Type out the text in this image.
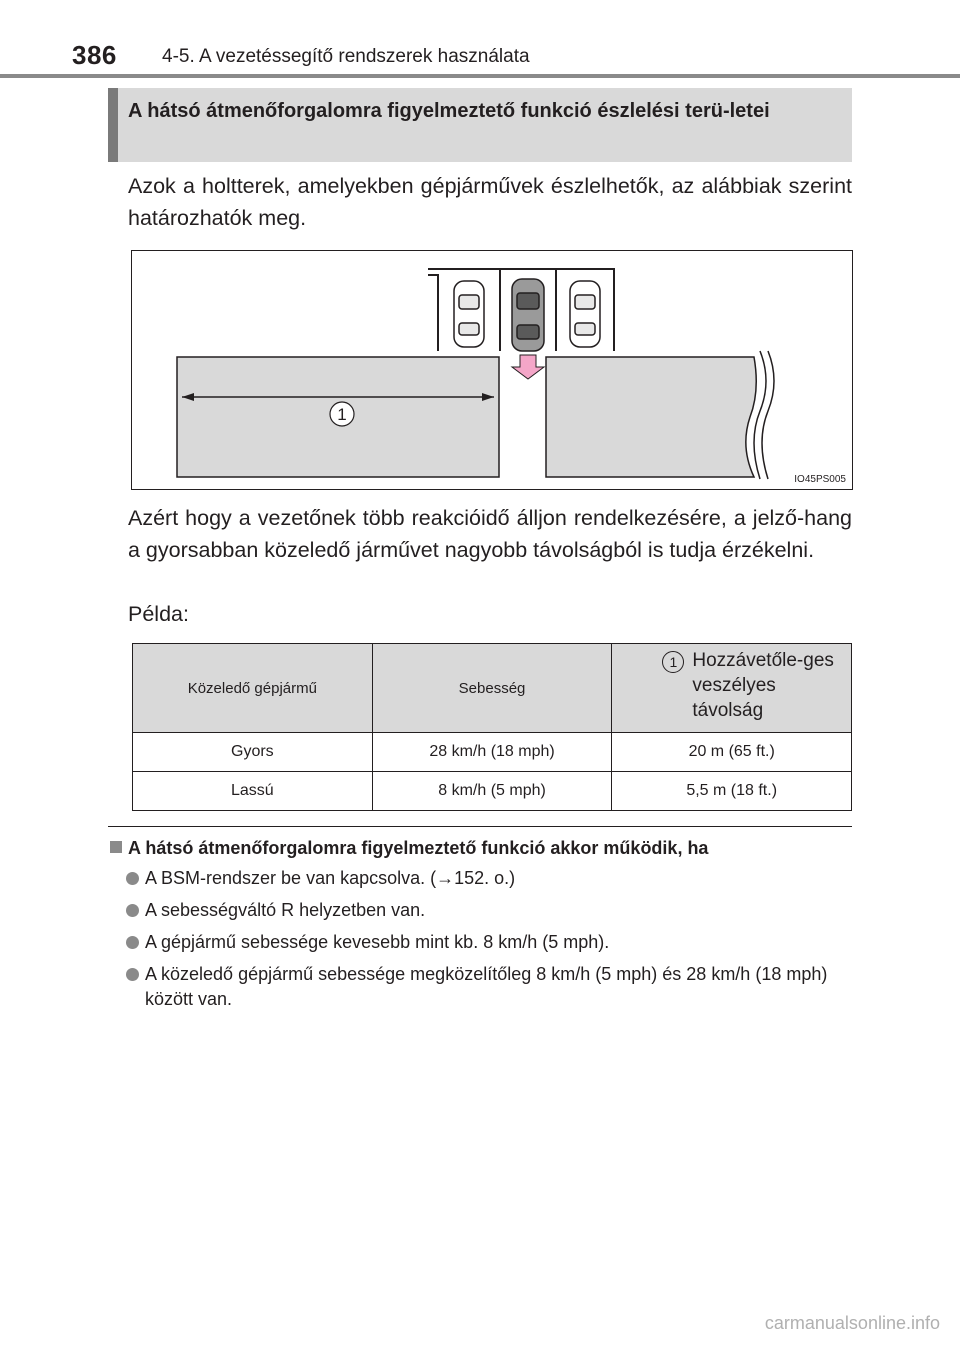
386 4-5. A vezetéssegítő rendszerek használata
A hátsó átmenőforgalomra figyelmeztető funkció észlelési terü-letei
Azok a holtterek, amelyekben gépjárművek észlelhetők, az alábbiak szerint határozhatók meg.
1
IO45PS005
Azért hogy a vezetőnek több reakcióidő álljon rendelkezésére, a jelző-hang a gyorsabban közeledő járművet nagyobb távolságból is tudja érzékelni.
Példa:
Közeledő gépjármű	Sebesség	1 Hozzávetőle-ges veszélyes távolság

Gyors	28 km/h (18 mph)	20 m (65 ft.)
Lassú	8 km/h (5 mph)	5,5 m (18 ft.)
A hátsó átmenőforgalomra figyelmeztető funkció akkor működik, ha
A BSM-rendszer be van kapcsolva. (→152. o.)
A sebességváltó R helyzetben van.
A gépjármű sebessége kevesebb mint kb. 8 km/h (5 mph).
A közeledő gépjármű sebessége megközelítőleg 8 km/h (5 mph) és 28 km/h (18 mph) között van.
carmanualsonline.info
